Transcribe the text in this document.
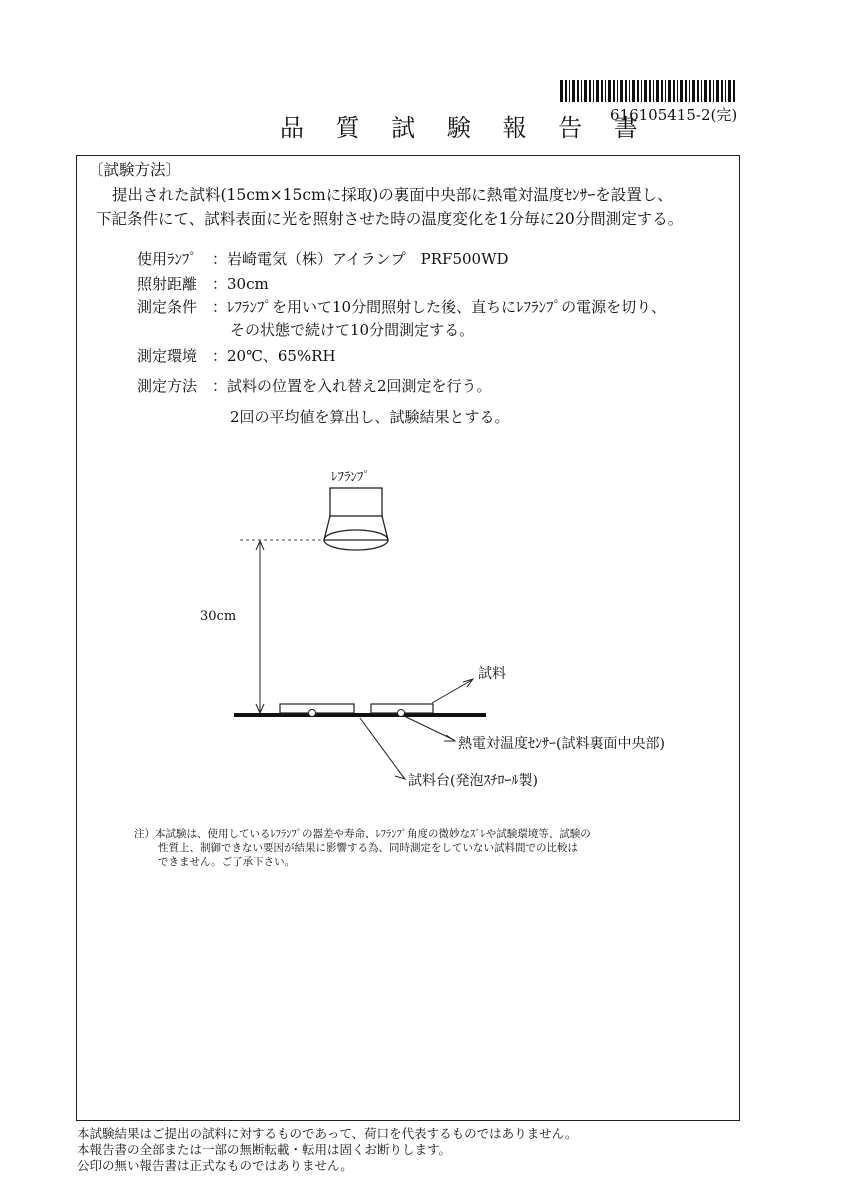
品 質 試 験 報 告 書
616105415-2(完)
〔試験方法〕
提出された試料(15cm×15cmに採取)の裏面中央部に熱電対温度ｾﾝｻｰを設置し、
下記条件にて、試料表面に光を照射させた時の温度変化を1分毎に20分間測定する。
使用ﾗﾝﾌﾟ ：岩崎電気（株）アイランプ　PRF500WD
照射距離 ：30cm
測定条件 ：ﾚﾌﾗﾝﾌﾟを用いて10分間照射した後、直ちにﾚﾌﾗﾝﾌﾟの電源を切り、
その状態で続けて10分間測定する。
測定環境 ：20℃、65%RH
測定方法 ：試料の位置を入れ替え2回測定を行う。
2回の平均値を算出し、試験結果とする。
ﾚﾌﾗﾝﾌﾟ
30cm
試料
熱電対温度ｾﾝｻｰ(試料裏面中央部)
試料台(発泡ｽﾁﾛｰﾙ製)
注）本試験は、使用しているﾚﾌﾗﾝﾌﾟの器差や寿命、ﾚﾌﾗﾝﾌﾟ角度の微妙なｽﾞﾚや試験環境等、試験の
性質上、制御できない要因が結果に影響する為、同時測定をしていない試料間での比較は
できません。ご了承下さい。
本試験結果はご提出の試料に対するものであって、荷口を代表するものではありません。
本報告書の全部または一部の無断転載・転用は固くお断りします。
公印の無い報告書は正式なものではありません。
